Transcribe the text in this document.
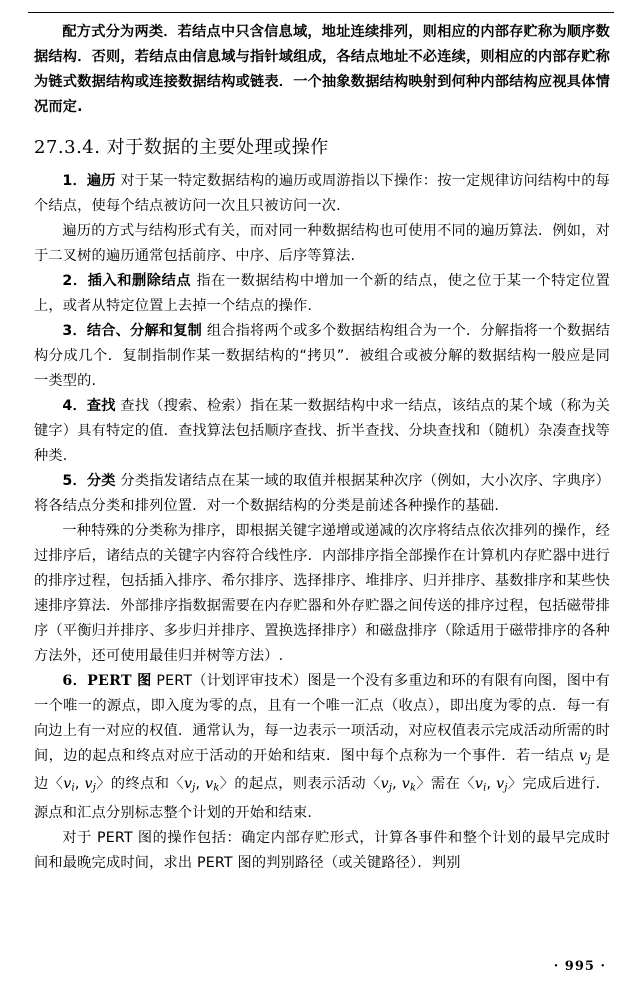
配方式分为两类．若结点中只含信息域，地址连续排列，则相应的内部存贮称为顺序数据结构．否则，若结点由信息域与指针域组成，各结点地址不必连续，则相应的内部存贮称为链式数据结构或连接数据结构或链表．一个抽象数据结构映射到何种内部结构应视具体情况而定.

27.3.4. 对于数据的主要处理或操作

1．遍历 对于某一特定数据结构的遍历或周游指以下操作：按一定规律访问结构中的每个结点，使每个结点被访问一次且只被访问一次.

遍历的方式与结构形式有关，而对同一种数据结构也可使用不同的遍历算法．例如，对于二叉树的遍历通常包括前序、中序、后序等算法.

2．插入和删除结点 指在一数据结构中增加一个新的结点，使之位于某一个特定位置上，或者从特定位置上去掉一个结点的操作.

3．结合、分解和复制 组合指将两个或多个数据结构组合为一个．分解指将一个数据结构分成几个．复制指制作某一数据结构的“拷贝”．被组合或被分解的数据结构一般应是同一类型的.

4．查找 查找（搜索、检索）指在某一数据结构中求一结点，该结点的某个域（称为关键字）具有特定的值．查找算法包括顺序查找、折半查找、分块查找和（随机）杂凑查找等种类.

5．分类 分类指发诸结点在某一域的取值并根据某种次序（例如，大小次序、字典序）将各结点分类和排列位置．对一个数据结构的分类是前述各种操作的基础.

一种特殊的分类称为排序，即根据关键字递增或递减的次序将结点依次排列的操作，经过排序后，诸结点的关键字内容符合线性序．内部排序指全部操作在计算机内存贮器中进行的排序过程，包括插入排序、希尔排序、选择排序、堆排序、归并排序、基数排序和某些快速排序算法．外部排序指数据需要在内存贮器和外存贮器之间传送的排序过程，包括磁带排序（平衡归并排序、多步归并排序、置换选择排序）和磁盘排序（除适用于磁带排序的各种方法外，还可使用最佳归并树等方法）.

6．PERT 图 PERT（计划评审技术）图是一个没有多重边和环的有限有向图，图中有一个唯一的源点，即入度为零的点，且有一个唯一汇点（收点），即出度为零的点．每一有向边上有一对应的权值．通常认为，每一边表示一项活动，对应权值表示完成活动所需的时间，边的起点和终点对应于活动的开始和结束．图中每个点称为一个事件．若一结点 $v_j$ 是边〈$v_i$, $v_j$〉的终点和〈$v_j$, $v_k$〉的起点，则表示活动〈$v_j$, $v_k$〉需在〈$v_i$, $v_j$〉完成后进行．源点和汇点分别标志整个计划的开始和结束.

对于 PERT 图的操作包括：确定内部存贮形式，计算各事件和整个计划的最早完成时间和最晚完成时间，求出 PERT 图的判别路径（或关键路径）．判别

· 995 ·
